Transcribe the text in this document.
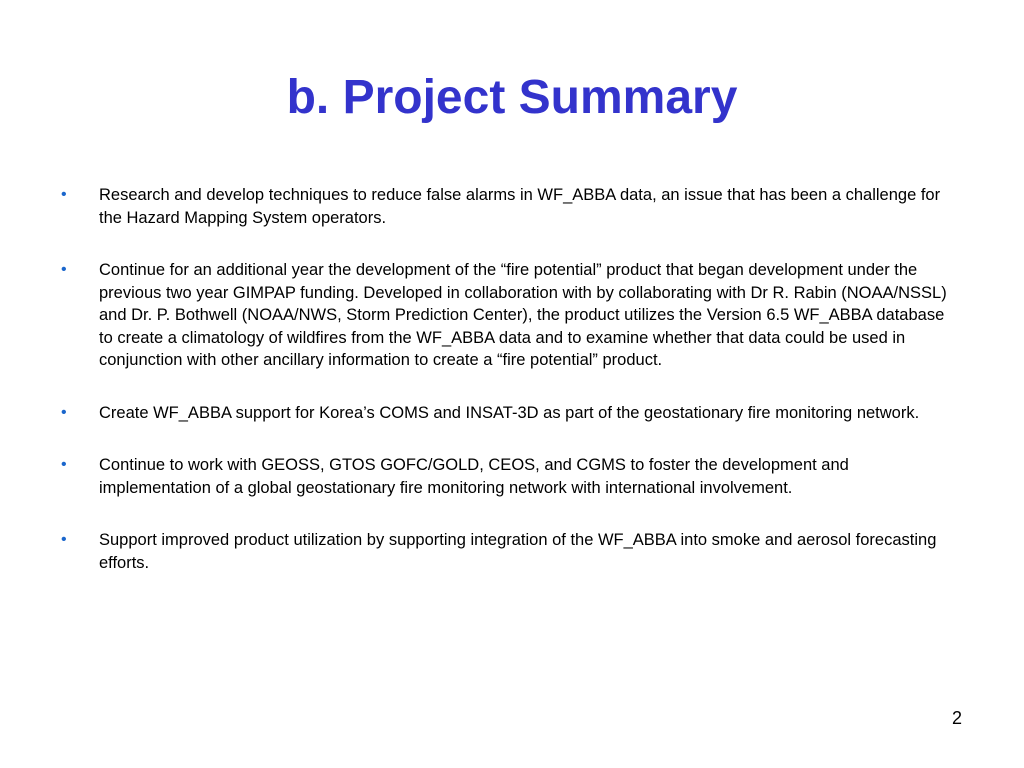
b. Project Summary
•	Research and develop techniques to reduce false alarms in WF_ABBA data, an issue that has been a challenge for the Hazard Mapping System operators.
•	Continue for an additional year the development of the “fire potential” product that began development under the previous two year GIMPAP funding. Developed in collaboration with by collaborating with Dr R. Rabin (NOAA/NSSL) and Dr. P. Bothwell (NOAA/NWS, Storm Prediction Center), the product utilizes the Version 6.5 WF_ABBA database to create a climatology of wildfires from the WF_ABBA data and to examine whether that data could be used in conjunction with other ancillary information to create a “fire potential” product.
•	Create WF_ABBA support for Korea’s COMS and INSAT-3D as part of the geostationary fire monitoring network.
•	Continue to work with GEOSS, GTOS GOFC/GOLD, CEOS, and CGMS to foster the development and implementation of a global geostationary fire monitoring network with international involvement.
•	Support improved product utilization by supporting integration of the WF_ABBA into smoke and aerosol forecasting efforts.
2
